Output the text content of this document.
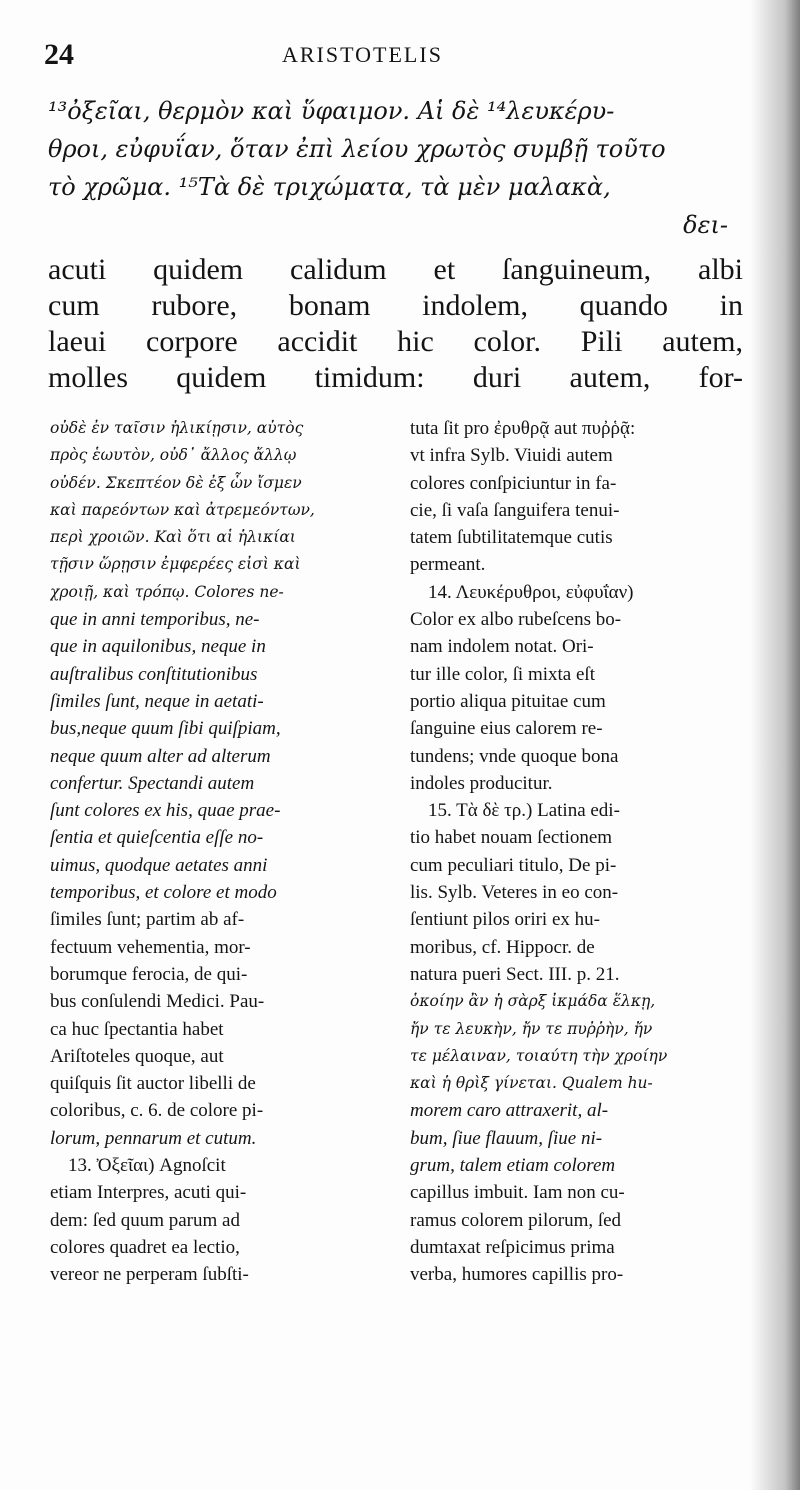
24	ARISTOTELIS
¹³ὀξεῖαι, θερμὸν καὶ ὕφαιμον. Αἱ δὲ ¹⁴λευκέρυ-
θροι, εὐφυΐαν, ὅταν ἐπὶ λείου χρωτὸς συμβῇ τοῦτο
τὸ χρῶμα. ¹⁵Τὰ δὲ τριχώματα, τὰ μὲν μαλακὰ,
δει-
acuti quidem calidum et ſanguineum, albi
cum rubore, bonam indolem, quando in
laeui corpore accidit hic color. Pili autem,
molles quidem timidum: duri autem, for-
οὐδὲ ἐν ταῖσιν ἡλικίῃσιν, αὐτὸς
πρὸς ἑωυτὸν, οὐδ᾽ ἄλλος ἄλλῳ
οὐδέν. Σκεπτέον δὲ ἐξ ὧν ἴσμεν
καὶ παρεόντων καὶ ἀτρεμεόντων,
περὶ χροιῶν. Καὶ ὅτι αἱ ἡλικίαι
τῇσιν ὥρῃσιν ἐμφερέες εἰσὶ καὶ
χροιῇ, καὶ τρόπῳ. Colores ne-
que in anni temporibus, ne-
que in aquilonibus, neque in
auſtralibus conſtitutionibus
ſimiles ſunt, neque in aetati-
bus,neque quum ſibi quiſpiam,
neque quum alter ad alterum
confertur. Spectandi autem
ſunt colores ex his, quae prae-
ſentia et quieſcentia eſſe no-
uimus, quodque aetates anni
temporibus, et colore et modo
ſimiles ſunt; partim ab af-
fectuum vehementia, mor-
borumque ferocia, de qui-
bus conſulendi Medici. Pau-
ca huc ſpectantia habet
Ariſtoteles quoque, aut
quiſquis ſit auctor libelli de
coloribus, c. 6. de colore pi-
lorum, pennarum et cutum.
13. Ὀξεῖαι) Agnoſcit
etiam Interpres, acuti qui-
dem: ſed quum parum ad
colores quadret ea lectio,
vereor ne perperam ſubſti-
tuta ſit pro ἐρυθρᾷ aut πυῤῥᾷ:
vt infra Sylb. Viuidi autem
colores conſpiciuntur in fa-
cie, ſi vaſa ſanguifera tenui-
tatem ſubtilitatemque cutis
permeant.
14. Λευκέρυθροι, εὐφυΐαν)
Color ex albo rubeſcens bo-
nam indolem notat. Ori-
tur ille color, ſi mixta eſt
portio aliqua pituitae cum
ſanguine eius calorem re-
tundens; vnde quoque bona
indoles producitur.
15. Τὰ δὲ τρ.) Latina edi-
tio habet nouam ſectionem
cum peculiari titulo, De pi-
lis. Sylb. Veteres in eo con-
ſentiunt pilos oriri ex hu-
moribus, cf. Hippocr. de
natura pueri Sect. III. p. 21.
ὁκοίην ἂν ἡ σὰρξ ἰκμάδα ἕλκῃ,
ἤν τε λευκὴν, ἤν τε πυῤῥὴν, ἤν
τε μέλαιναν, τοιαύτη τὴν χροίην
καὶ ἡ θρὶξ γίνεται. Qualem hu-
morem caro attraxerit, al-
bum, ſiue flauum, ſiue ni-
grum, talem etiam colorem
capillus imbuit. Iam non cu-
ramus colorem pilorum, ſed
dumtaxat reſpicimus prima
verba, humores capillis pro-
